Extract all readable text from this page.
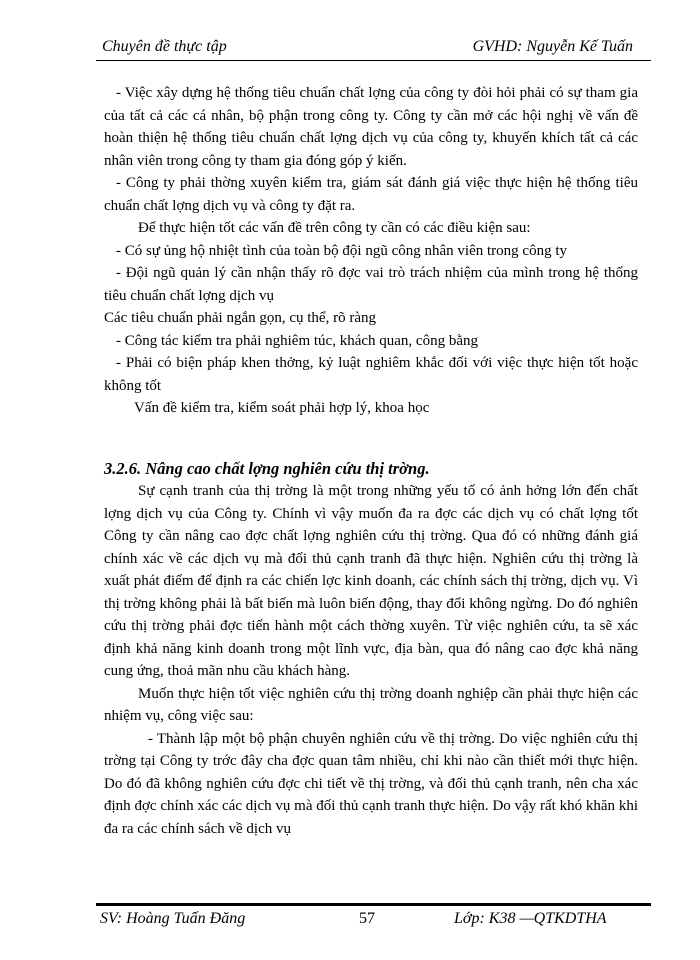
Chuyên đề thực tập	GVHD: Nguyễn Kế Tuấn

- Việc xây dựng hệ thống tiêu chuẩn chất lợng của công ty đòi hỏi phải có sự tham gia của tất cả các cá nhân, bộ phận trong công ty. Công ty cần mở các hội nghị về vấn đề hoàn thiện hệ thống tiêu chuẩn chất lợng dịch vụ của công ty, khuyến khích tất cả các nhân viên trong công ty tham gia đóng góp ý kiến.

- Công ty phải thờng xuyên kiểm tra, giám sát đánh giá việc thực hiện hệ thống tiêu chuẩn chất lợng dịch vụ và công ty đặt ra.

Để thực hiện tốt các vấn đề trên công ty cần có các điều kiện sau:

- Có sự ủng hộ nhiệt tình của toàn bộ đội ngũ công nhân viên trong công ty

- Đội ngũ quản lý cần nhận thấy rõ đợc vai trò trách nhiệm của mình trong hệ thống tiêu chuẩn chất lợng dịch vụ

Các tiêu chuẩn phải ngắn gọn, cụ thể, rõ ràng

- Công tác kiểm tra phải nghiêm túc, khách quan, công bằng

- Phải có biện pháp khen thởng, kỷ luật nghiêm khắc đối với việc thực hiện tốt hoặc không tốt

Vấn đề kiểm tra, kiểm soát phải hợp lý, khoa học

3.2.6. Nâng cao chất lợng nghiên cứu thị trờng.

Sự cạnh tranh của thị trờng là một trong những yếu tố có ảnh hởng lớn đến chất lợng dịch vụ của Công ty. Chính vì vậy muốn đa ra đợc các dịch vụ có chất lợng tốt Công ty cần nâng cao đợc chất lợng nghiên cứu thị trờng. Qua đó có những đánh giá chính xác về các dịch vụ mà đối thủ cạnh tranh đã thực hiện. Nghiên cứu thị trờng là xuất phát điểm để định ra các chiến lợc kinh doanh, các chính sách thị trờng, dịch vụ. Vì thị trờng không phải là bất biến mà luôn biến động, thay đổi không ngừng. Do đó nghiên cứu thị trờng phải đợc tiến hành một cách thờng xuyên. Từ việc nghiên cứu, ta sẽ xác định khả năng kinh doanh trong một lĩnh vực, địa bàn, qua đó nâng cao đợc khả năng cung ứng, thoả mãn nhu cầu khách hàng.

Muốn thực hiện tốt việc nghiên cứu thị trờng doanh nghiệp cần phải thực hiện các nhiệm vụ, công việc sau:

- Thành lập một bộ phận chuyên nghiên cứu về thị trờng. Do việc nghiên cứu thị trờng tại Công ty trớc đây cha đợc quan tâm nhiều, chỉ khi nào cần thiết mới thực hiện. Do đó đã không nghiên cứu đợc chi tiết về thị trờng, và đối thủ cạnh tranh, nên cha xác định đợc chính xác các dịch vụ mà đối thủ cạnh tranh thực hiện. Do vậy rất khó khăn khi đa ra các chính sách về dịch vụ

SV: Hoàng Tuấn Đăng	57	Lớp: K38 —QTKDTHA
